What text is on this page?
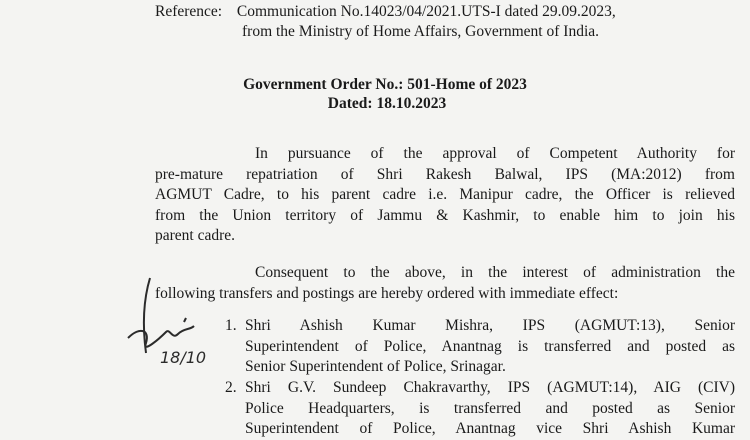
Reference: Communication No.14023/04/2021.UTS-I dated 29.09.2023,
from the Ministry of Home Affairs, Government of India.
Government Order No.: 501-Home of 2023
Dated: 18.10.2023
In pursuance of the approval of Competent Authority for
pre-mature repatriation of Shri Rakesh Balwal, IPS (MA:2012) from
AGMUT Cadre, to his parent cadre i.e. Manipur cadre, the Officer is relieved
from the Union territory of Jammu & Kashmir, to enable him to join his
parent cadre.
Consequent to the above, in the interest of administration the
following transfers and postings are hereby ordered with immediate effect:
18/10
1. Shri Ashish Kumar Mishra, IPS (AGMUT:13), Senior
Superintendent of Police, Anantnag is transferred and posted as
Senior Superintendent of Police, Srinagar.
2. Shri G.V. Sundeep Chakravarthy, IPS (AGMUT:14), AIG (CIV)
Police Headquarters, is transferred and posted as Senior
Superintendent of Police, Anantnag vice Shri Ashish Kumar
